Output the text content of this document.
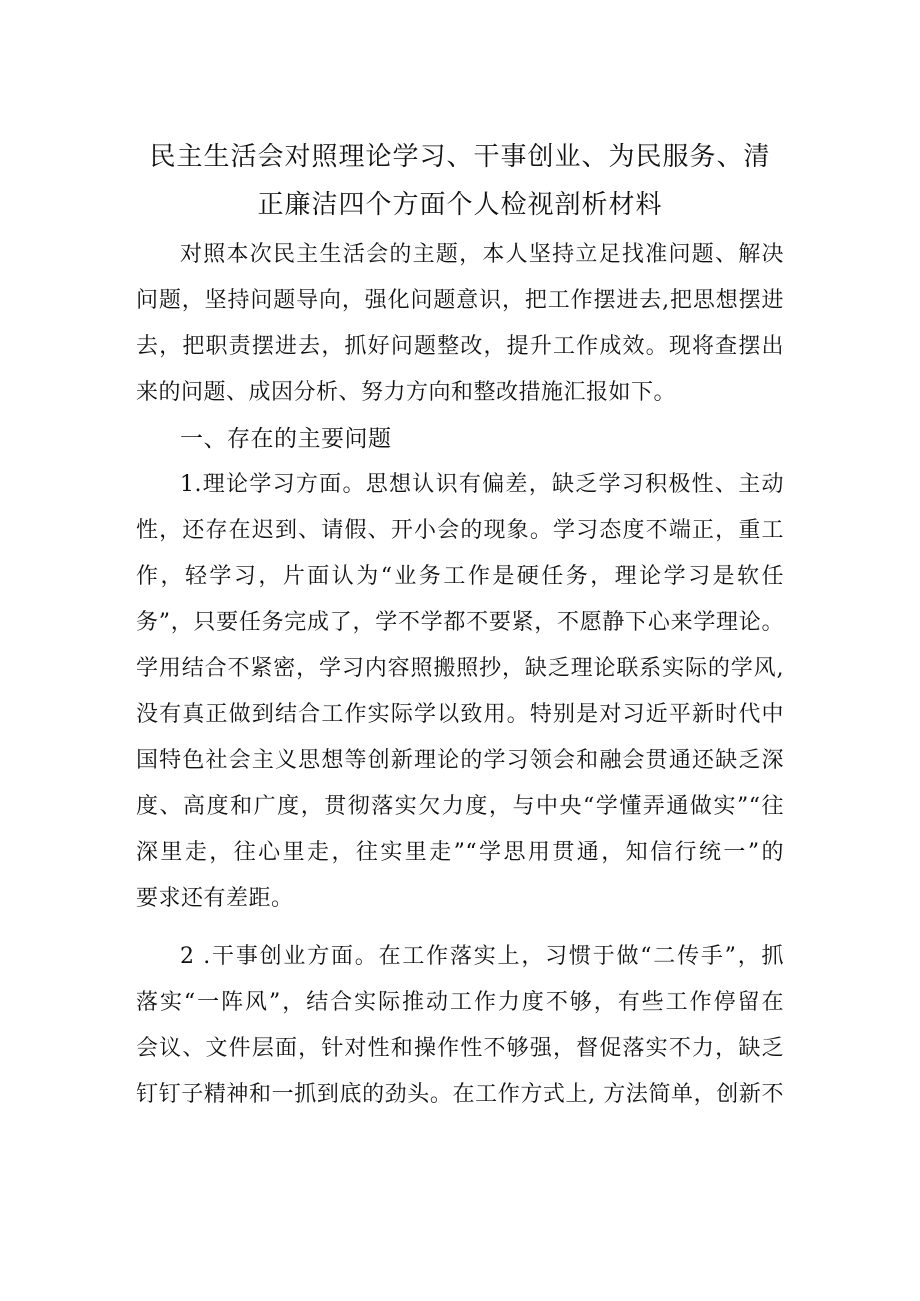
民主生活会对照理论学习、干事创业、为民服务、清
正廉洁四个方面个人检视剖析材料

对照本次民主生活会的主题，本人坚持立足找准问题、解决
问题，坚持问题导向，强化问题意识，把工作摆进去,把思想摆进
去，把职责摆进去，抓好问题整改，提升工作成效。现将查摆出
来的问题、成因分析、努力方向和整改措施汇报如下。

一、存在的主要问题

1.理论学习方面。思想认识有偏差，缺乏学习积极性、主动
性，还存在迟到、请假、开小会的现象。学习态度不端正，重工
作，轻学习，片面认为“业务工作是硬任务，理论学习是软任
务”，只要任务完成了，学不学都不要紧，不愿静下心来学理论。
学用结合不紧密，学习内容照搬照抄，缺乏理论联系实际的学风,
没有真正做到结合工作实际学以致用。特别是对习近平新时代中
国特色社会主义思想等创新理论的学习领会和融会贯通还缺乏深
度、高度和广度，贯彻落实欠力度，与中央“学懂弄通做实”“往
深里走，往心里走，往实里走”“学思用贯通，知信行统一”的
要求还有差距。

2 .干事创业方面。在工作落实上，习惯于做“二传手”，抓
落实“一阵风”，结合实际推动工作力度不够，有些工作停留在
会议、文件层面，针对性和操作性不够强，督促落实不力，缺乏
钉钉子精神和一抓到底的劲头。在工作方式上, 方法简单，创新不
